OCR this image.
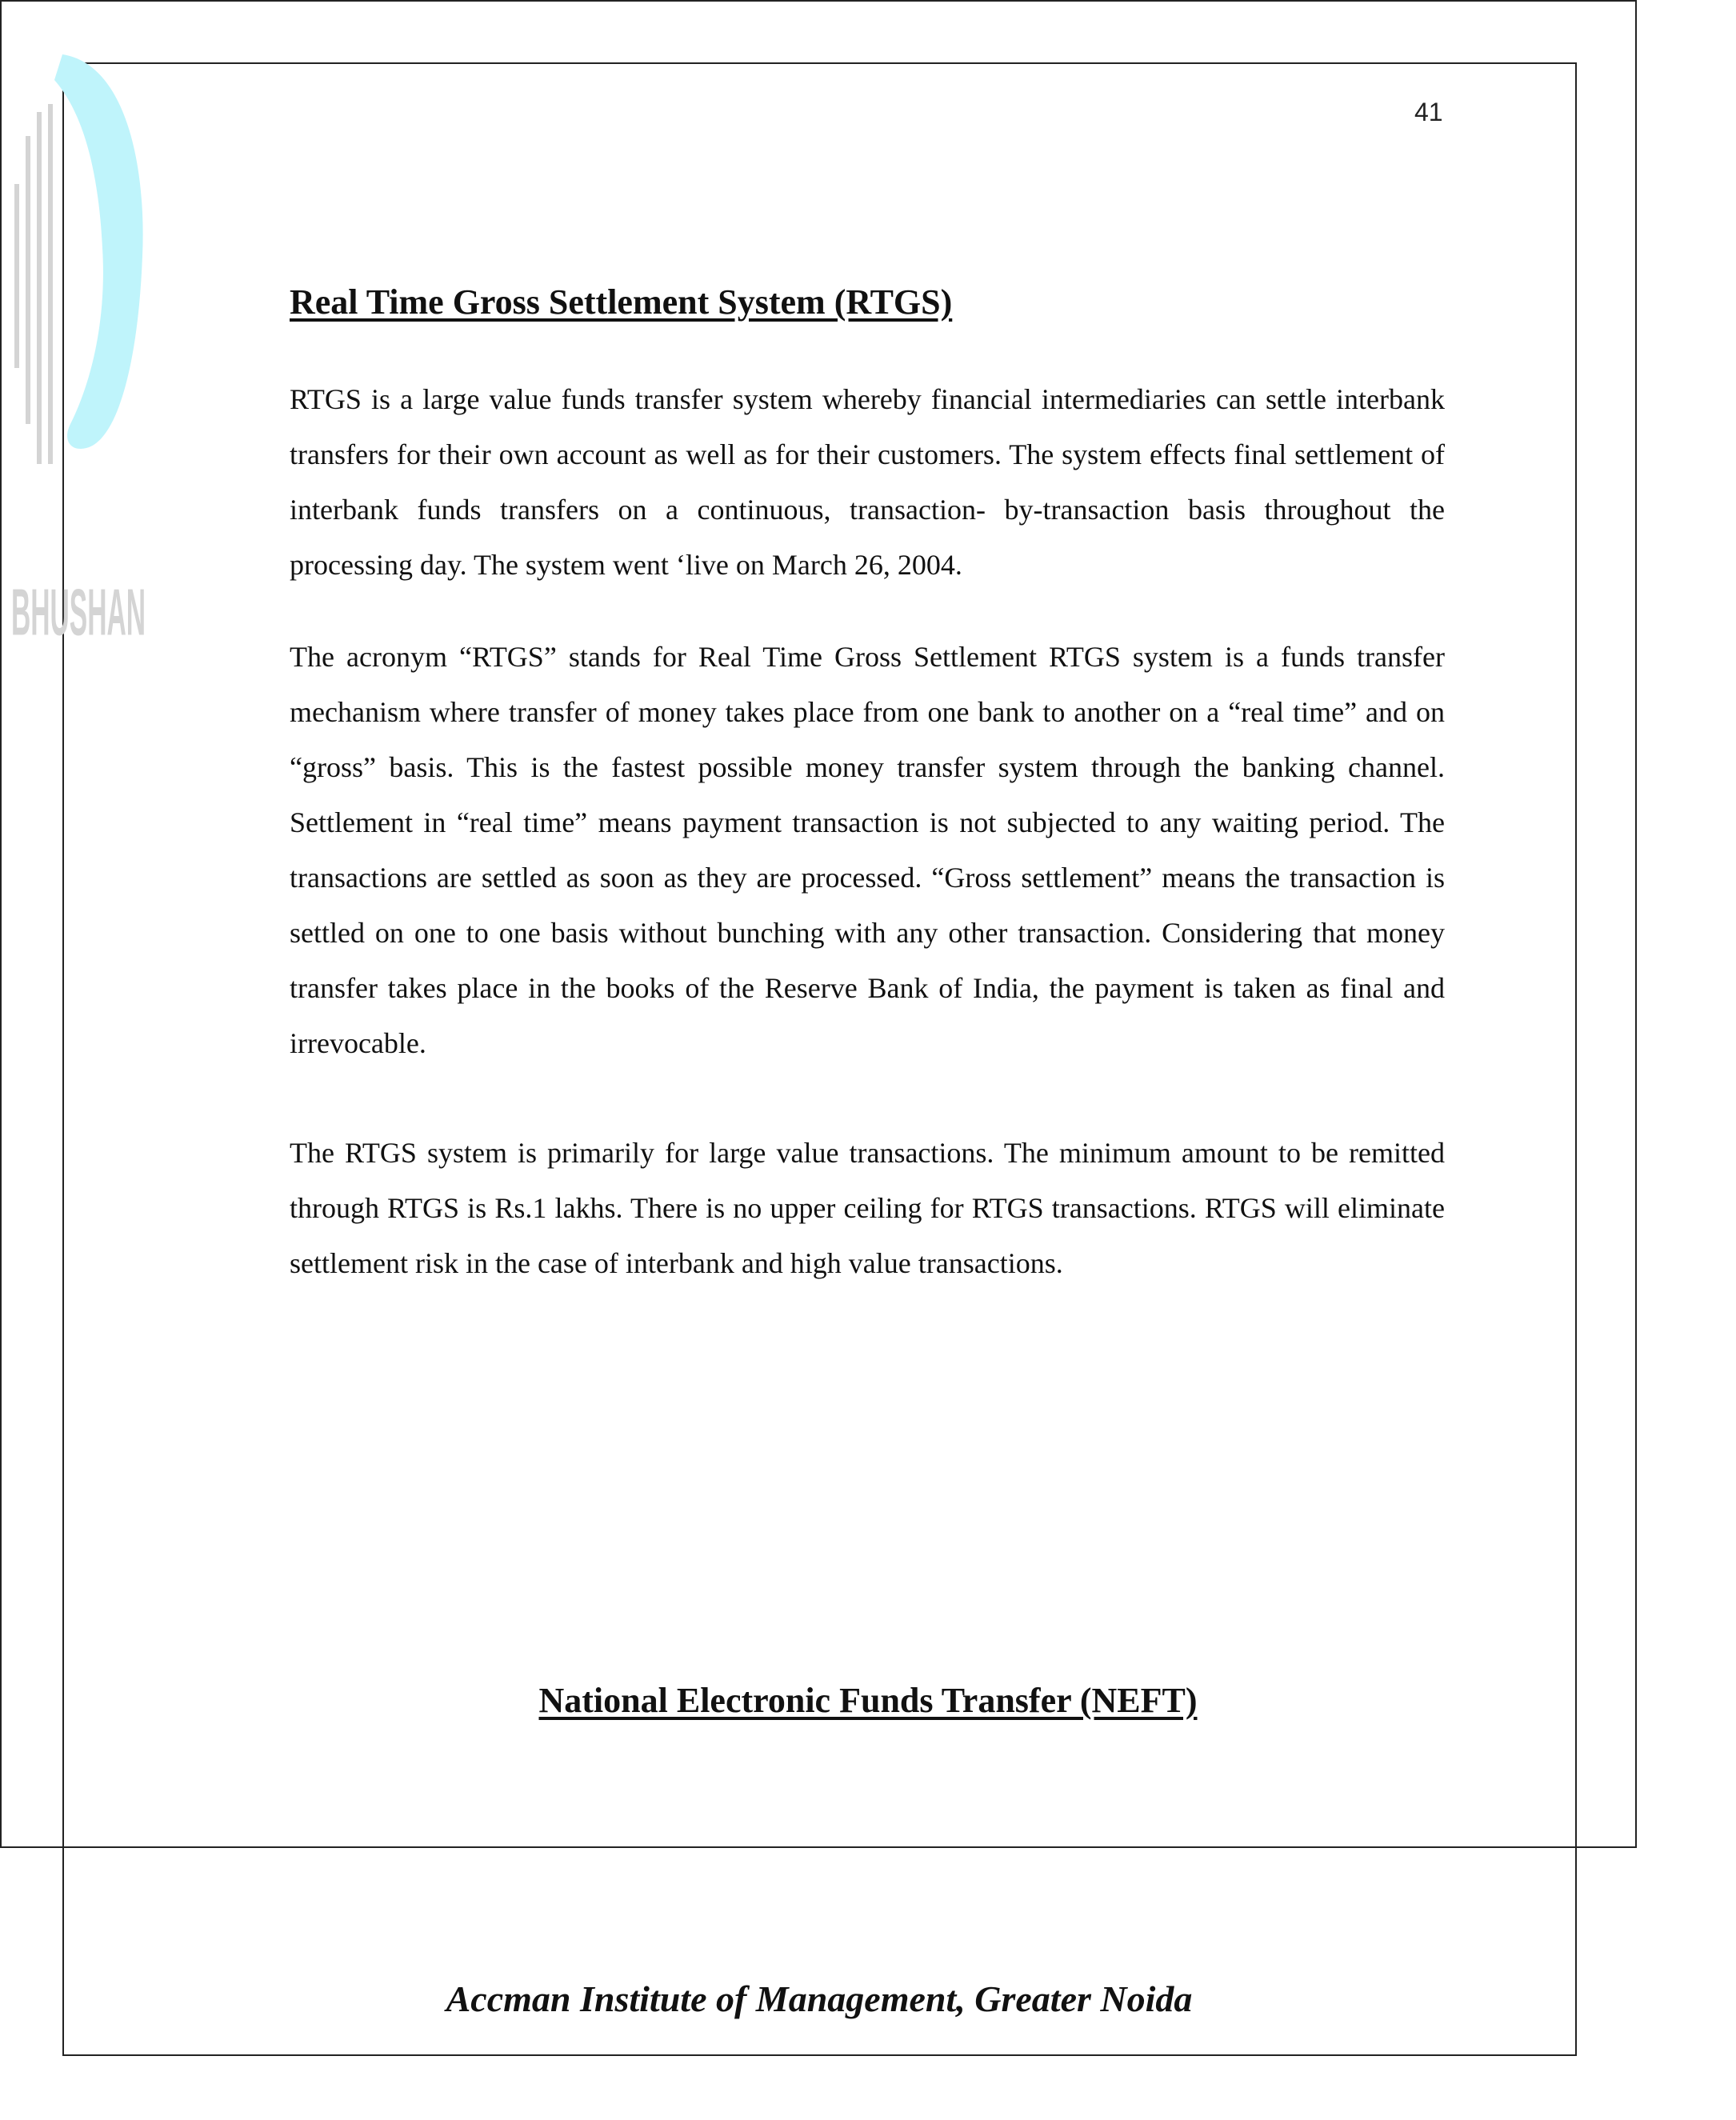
BHUSHAN
41
Real Time Gross Settlement System (RTGS)

RTGS is a large value funds transfer system whereby financial intermediaries can settle interbank transfers for their own account as well as for their customers. The system effects final settlement of interbank funds transfers on a continuous, transaction- by-transaction basis throughout the processing day. The system went ‘live on March 26, 2004.

The acronym “RTGS” stands for Real Time Gross Settlement RTGS system is a funds transfer mechanism where transfer of money takes place from one bank to another on a “real time” and on “gross” basis. This is the fastest possible money transfer system through the banking channel. Settlement in “real time” means payment transaction is not subjected to any waiting period. The transactions are settled as soon as they are processed. “Gross settlement” means the transaction is settled on one to one basis without bunching with any other transaction. Considering that money transfer takes place in the books of the Reserve Bank of India, the payment is taken as final and irrevocable.

The RTGS system is primarily for large value transactions. The minimum amount to be remitted through RTGS is Rs.1 lakhs. There is no upper ceiling for RTGS transactions. RTGS will eliminate settlement risk in the case of interbank and high value transactions.

National Electronic Funds Transfer (NEFT)
Accman Institute of Management, Greater Noida
